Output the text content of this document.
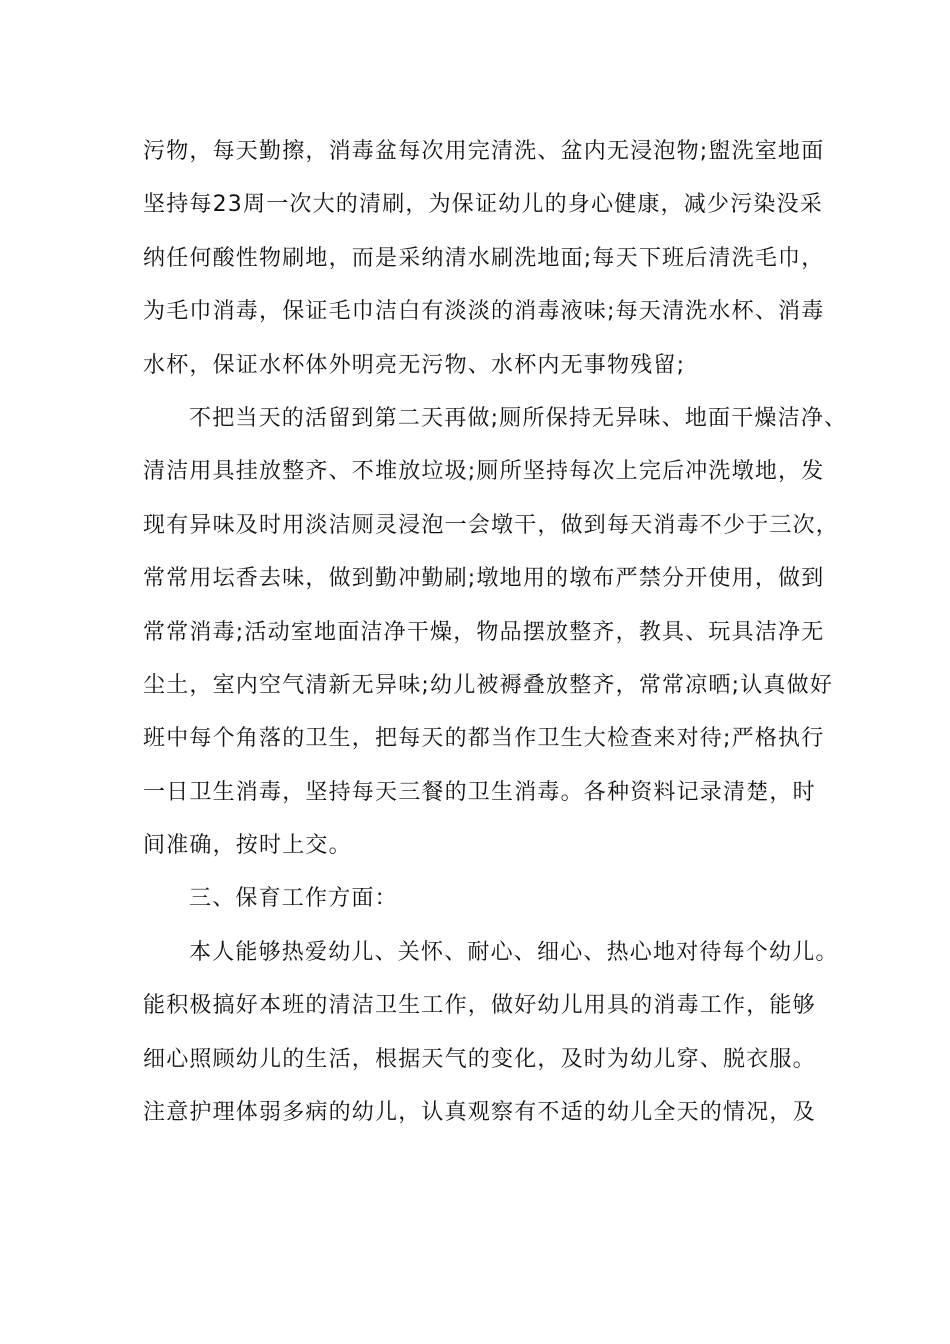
污物，每天勤擦，消毒盆每次用完清洗、盆内无浸泡物;盥洗室地面
坚持每23周一次大的清刷，为保证幼儿的身心健康，减少污染没采
纳任何酸性物刷地，而是采纳清水刷洗地面;每天下班后清洗毛巾，
为毛巾消毒，保证毛巾洁白有淡淡的消毒液味;每天清洗水杯、消毒
水杯，保证水杯体外明亮无污物、水杯内无事物残留;
不把当天的活留到第二天再做;厕所保持无异味、地面干燥洁净、
清洁用具挂放整齐、不堆放垃圾;厕所坚持每次上完后冲洗墩地，发
现有异味及时用淡洁厕灵浸泡一会墩干，做到每天消毒不少于三次，
常常用坛香去味，做到勤冲勤刷;墩地用的墩布严禁分开使用，做到
常常消毒;活动室地面洁净干燥，物品摆放整齐，教具、玩具洁净无
尘土，室内空气清新无异味;幼儿被褥叠放整齐，常常凉晒;认真做好
班中每个角落的卫生，把每天的都当作卫生大检查来对待;严格执行
一日卫生消毒，坚持每天三餐的卫生消毒。各种资料记录清楚，时
间准确，按时上交。
三、保育工作方面：
本人能够热爱幼儿、关怀、耐心、细心、热心地对待每个幼儿。
能积极搞好本班的清洁卫生工作，做好幼儿用具的消毒工作，能够
细心照顾幼儿的生活，根据天气的变化，及时为幼儿穿、脱衣服。
注意护理体弱多病的幼儿，认真观察有不适的幼儿全天的情况，及
